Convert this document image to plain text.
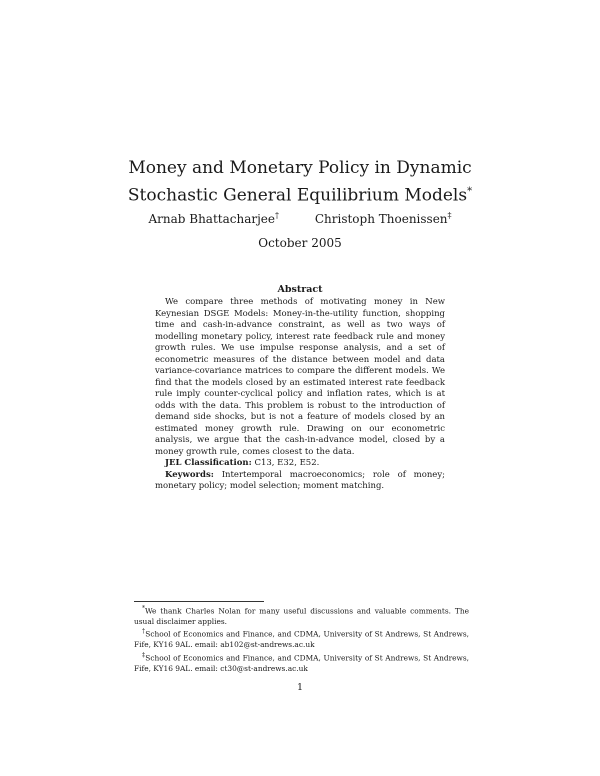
Money and Monetary Policy in Dynamic
Stochastic General Equilibrium Models*
Arnab Bhattacharjee†	Christoph Thoenissen‡
October 2005
Abstract

We compare three methods of motivating money in New Keynesian DSGE Models: Money-in-the-utility function, shopping time and cash-in-advance constraint, as well as two ways of modelling monetary policy, interest rate feedback rule and money growth rules. We use impulse response analysis, and a set of econometric measures of the distance between model and data variance-covariance matrices to compare the different models. We find that the models closed by an estimated interest rate feedback rule imply counter-cyclical policy and inflation rates, which is at odds with the data. This problem is robust to the introduction of demand side shocks, but is not a feature of models closed by an estimated money growth rule. Drawing on our econometric analysis, we argue that the cash-in-advance model, closed by a money growth rule, comes closest to the data.

JEL Classification: C13, E32, E52.

Keywords: Intertemporal macroeconomics; role of money; monetary policy; model selection; moment matching.

*We thank Charles Nolan for many useful discussions and valuable comments. The usual disclaimer applies.

†School of Economics and Finance, and CDMA, University of St Andrews, St Andrews, Fife, KY16 9AL. email: ab102@st-andrews.ac.uk

‡School of Economics and Finance, and CDMA, University of St Andrews, St Andrews, Fife, KY16 9AL. email: ct30@st-andrews.ac.uk

1
